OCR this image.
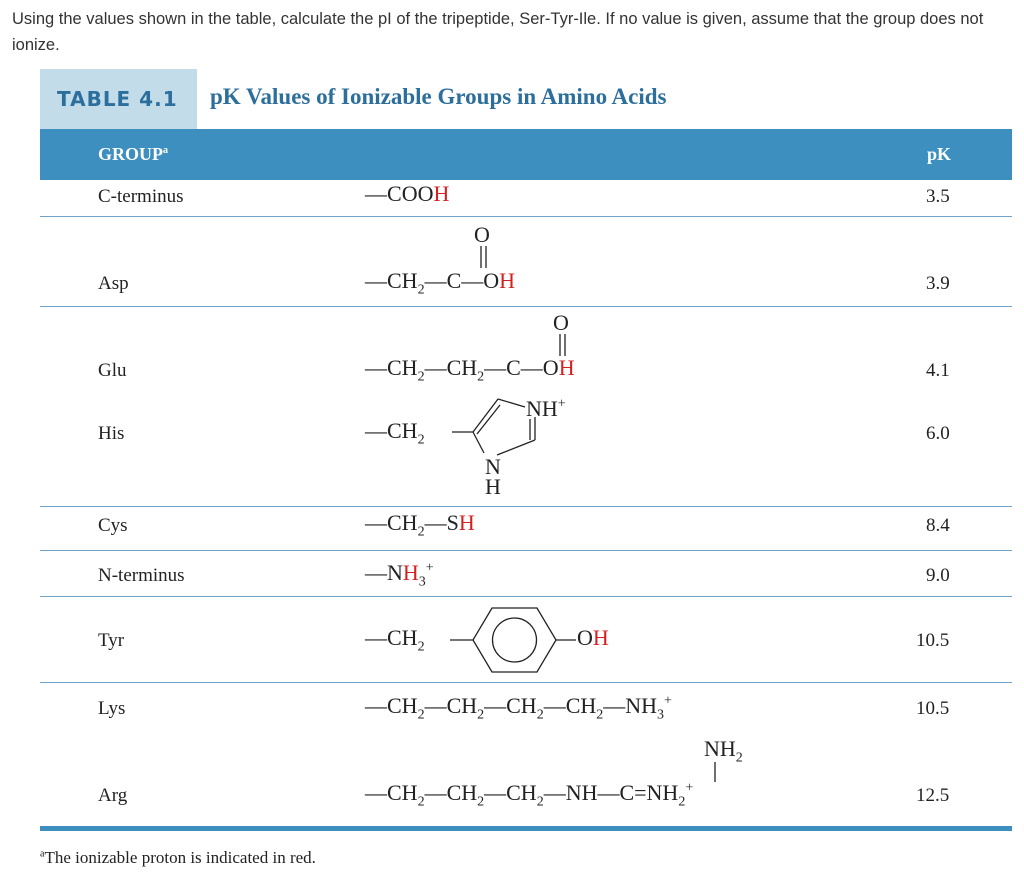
Using the values shown in the table, calculate the pI of the tripeptide, Ser-Tyr-Ile. If no value is given, assume that the group does not ionize.
TABLE 4.1 pK Values of Ionizable Groups in Amino Acids
GROUP$^a$	pK
C-terminus
Asp
Glu
His
Cys
N-terminus
Tyr
Lys
Arg
3.5
3.9
4.1
6.0
8.4
9.0
10.5
10.5
12.5
—COOH
$—CH_2—C—OH$
O
$—CH_2—CH_2—C—OH$
O
$—CH_2$
NH+
N
H
$—CH_2—SH$
$—NH_3^+$
$—CH_2$	OH
$—CH_2—CH_2—CH_2—CH_2—NH_3^+$
$—CH_2—CH_2—CH_2—NH—C=NH_2^+$
$NH_2$
$^a$The ionizable proton is indicated in red.
